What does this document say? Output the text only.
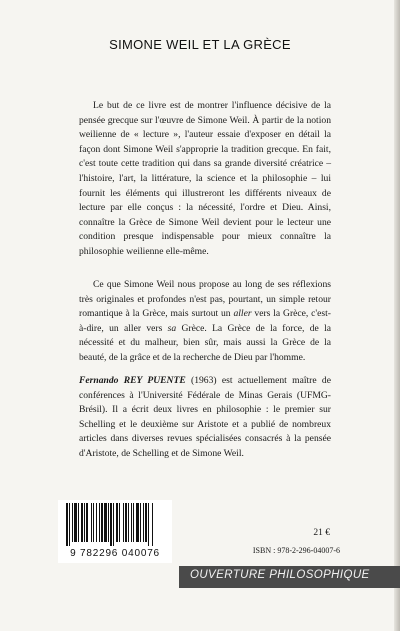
SIMONE WEIL ET LA GRÈCE

Le but de ce livre est de montrer l'influence décisive de la pensée grecque sur l'œuvre de Simone Weil. À partir de la notion weilienne de « lecture », l'auteur essaie d'exposer en détail la façon dont Simone Weil s'approprie la tradition grecque. En fait, c'est toute cette tradition qui dans sa grande diversité créatrice – l'histoire, l'art, la littérature, la science et la philosophie – lui fournit les éléments qui illustreront les différents niveaux de lecture par elle conçus : la nécessité, l'ordre et Dieu. Ainsi, connaître la Grèce de Simone Weil devient pour le lecteur une condition presque indispensable pour mieux connaître la philosophie weilienne elle-même.

Ce que Simone Weil nous propose au long de ses réflexions très originales et profondes n'est pas, pourtant, un simple retour romantique à la Grèce, mais surtout un aller vers la Grèce, c'est-à-dire, un aller vers sa Grèce. La Grèce de la force, de la nécessité et du malheur, bien sûr, mais aussi la Grèce de la beauté, de la grâce et de la recherche de Dieu par l'homme.

Fernando REY PUENTE (1963) est actuellement maître de conférences à l'Université Fédérale de Minas Gerais (UFMG-Brésil). Il a écrit deux livres en philosophie : le premier sur Schelling et le deuxième sur Aristote et a publié de nombreux articles dans diverses revues spécialisées consacrés à la pensée d'Aristote, de Schelling et de Simone Weil.

9 782296 040076
21 €
ISBN : 978-2-296-04007-6
OUVERTURE PHILOSOPHIQUE
